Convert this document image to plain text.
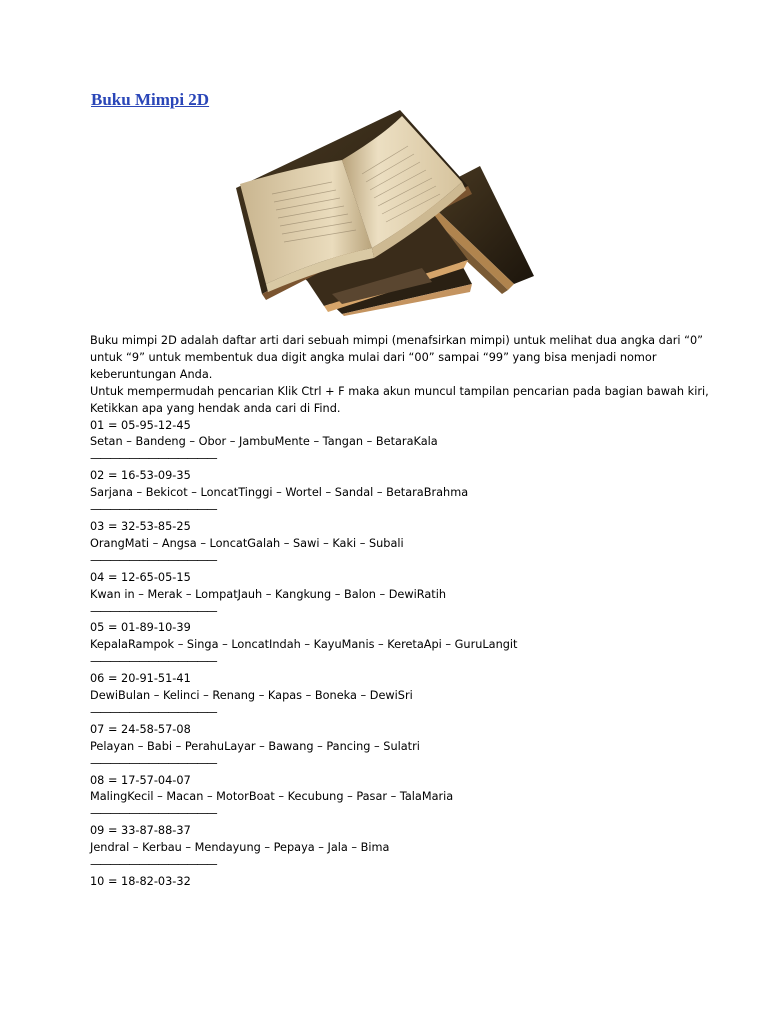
Buku Mimpi 2D

Buku mimpi 2D adalah daftar arti dari sebuah mimpi (menafsirkan mimpi) untuk melihat dua angka dari “0” untuk “9” untuk membentuk dua digit angka mulai dari “00” sampai “99” yang bisa menjadi nomor keberuntungan Anda.

Untuk mempermudah pencarian Klik Ctrl + F maka akun muncul tampilan pencarian pada bagian bawah kiri, Ketikkan apa yang hendak anda cari di Find.

01 = 05-95-12-45

Setan – Bandeng – Obor – JambuMente – Tangan – BetaraKala

—————————————

02 = 16-53-09-35

Sarjana – Bekicot – LoncatTinggi – Wortel – Sandal – BetaraBrahma

—————————————

03 = 32-53-85-25

OrangMati – Angsa – LoncatGalah – Sawi – Kaki – Subali

—————————————

04 = 12-65-05-15

Kwan in – Merak – LompatJauh – Kangkung – Balon – DewiRatih

—————————————

05 = 01-89-10-39

KepalaRampok – Singa – LoncatIndah – KayuManis – KeretaApi – GuruLangit

—————————————

06 = 20-91-51-41

DewiBulan – Kelinci – Renang – Kapas – Boneka – DewiSri

—————————————

07 = 24-58-57-08

Pelayan – Babi – PerahuLayar – Bawang – Pancing – Sulatri

—————————————

08 = 17-57-04-07

MalingKecil – Macan – MotorBoat – Kecubung – Pasar – TalaMaria

—————————————

09 = 33-87-88-37

Jendral – Kerbau – Mendayung – Pepaya – Jala – Bima

—————————————

10 = 18-82-03-32
